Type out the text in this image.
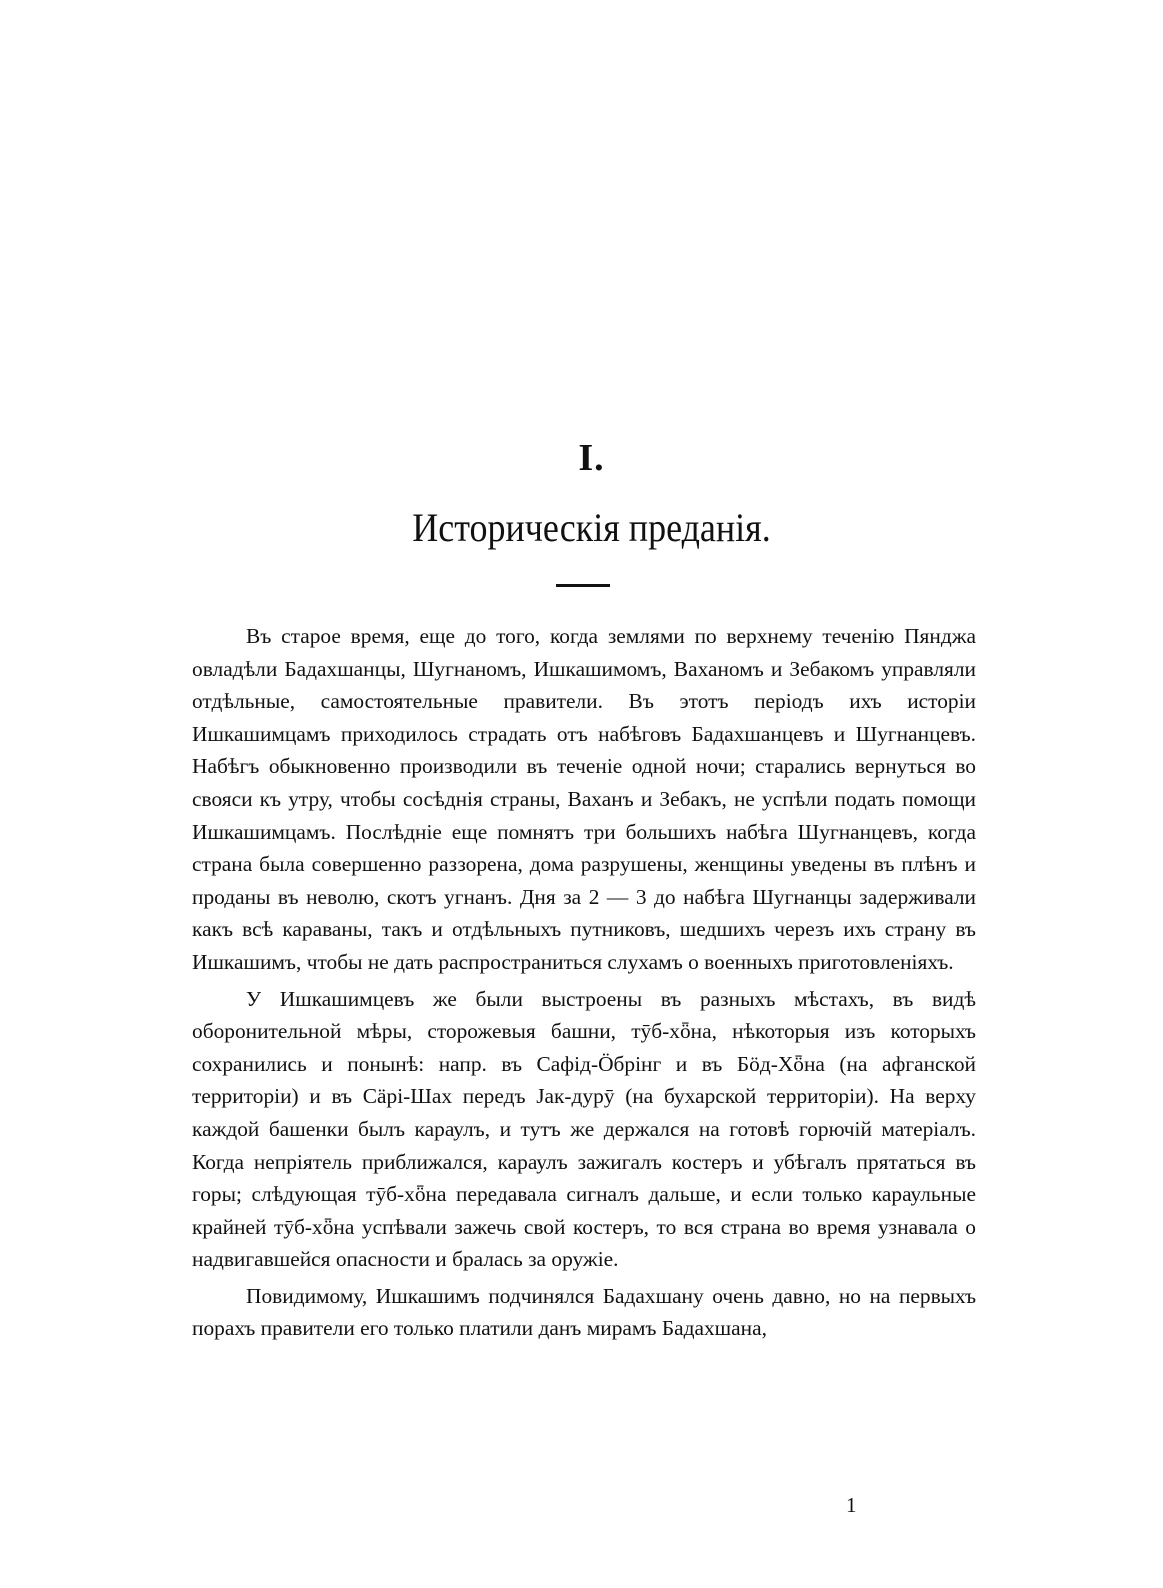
I.
Историческія преданія.

Въ старое время, еще до того, когда землями по верхнему теченію Пянджа овладѣли Бадахшанцы, Шугнаномъ, Ишкашимомъ, Ваханомъ и Зебакомъ управляли отдѣльные, самостоятельные правители. Въ этотъ періодъ ихъ исторіи Ишкашимцамъ приходилось страдать отъ набѣговъ Бадахшанцевъ и Шугнанцевъ. Набѣгъ обыкновенно производили въ теченіе одной ночи; старались вернуться во свояси къ утру, чтобы сосѣднія страны, Ваханъ и Зебакъ, не успѣли подать помощи Ишкашимцамъ. Послѣдніе еще помнятъ три большихъ набѣга Шугнанцевъ, когда страна была совершенно раззорена, дома разрушены, женщины уведены въ плѣнъ и проданы въ неволю, скотъ угнанъ. Дня за 2 — 3 до набѣга Шугнанцы задерживали какъ всѣ караваны, такъ и отдѣльныхъ путниковъ, шедшихъ черезъ ихъ страну въ Ишкашимъ, чтобы не дать распространиться слухамъ о военныхъ приготовленіяхъ.

У Ишкашимцевъ же были выстроены въ разныхъ мѣстахъ, въ видѣ оборонительной мѣры, сторожевыя башни, тӯб-хȫна, нѣкоторыя изъ которыхъ сохранились и понынѣ: напр. въ Сафід-Öбрінг и въ Бöд-Хȫна (на афганской территоріи) и въ Сäрі-Шах передъ Jак-дурӯ (на бухарской территоріи). На верху каждой башенки былъ караулъ, и тутъ же держался на готовѣ горючій матеріалъ. Когда непріятель приближался, караулъ зажигалъ костеръ и убѣгалъ прятаться въ горы; слѣдующая тӯб-хȫна передавала сигналъ дальше, и если только караульные крайней тӯб-хȫна успѣвали зажечь свой костеръ, то вся страна во время узнавала о надвигавшейся опасности и бралась за оружіе.

Повидимому, Ишкашимъ подчинялся Бадахшану очень давно, но на первыхъ порахъ правители его только платили данъ мирамъ Бадахшана,

1
